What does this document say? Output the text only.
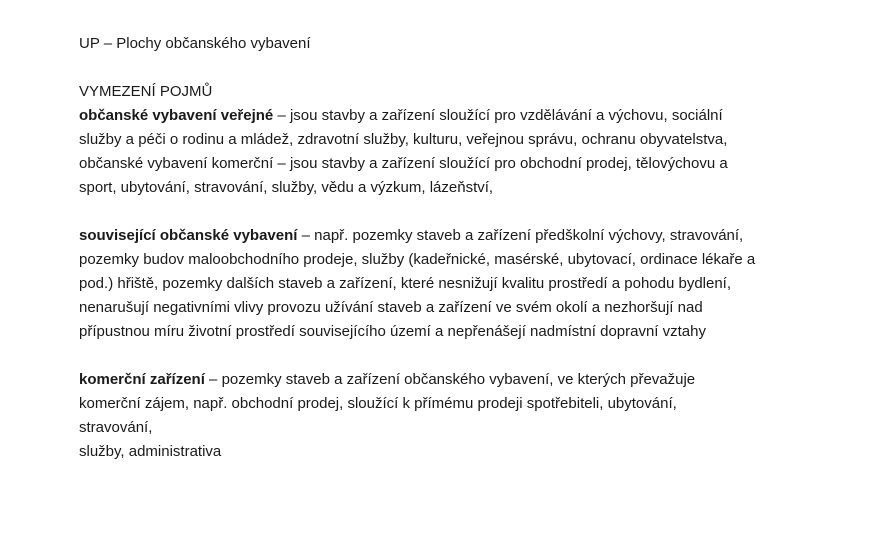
UP – Plochy občanského vybavení
VYMEZENÍ POJMŮ
občanské vybavení veřejné – jsou stavby a zařízení sloužící pro vzdělávání a výchovu, sociální
služby a péči o rodinu a mládež, zdravotní služby, kulturu, veřejnou správu, ochranu obyvatelstva,
občanské vybavení komerční – jsou stavby a zařízení sloužící pro obchodní prodej, tělovýchovu a
sport, ubytování, stravování, služby, vědu a výzkum, lázeňství,
související občanské vybavení – např. pozemky staveb a zařízení předškolní výchovy, stravování,
pozemky budov maloobchodního prodeje, služby (kadeřnické, masérské, ubytovací, ordinace lékaře a
pod.) hřiště, pozemky dalších staveb a zařízení, které nesnižují kvalitu prostředí a pohodu bydlení,
nenarušují negativními vlivy provozu užívání staveb a zařízení ve svém okolí a nezhoršují nad
přípustnou míru životní prostředí souvisejícího území a nepřenášejí nadmístní dopravní vztahy
komerční zařízení – pozemky staveb a zařízení občanského vybavení, ve kterých převažuje
komerční zájem, např. obchodní prodej, sloužící k přímému prodeji spotřebiteli, ubytování,
stravování,
služby, administrativa
